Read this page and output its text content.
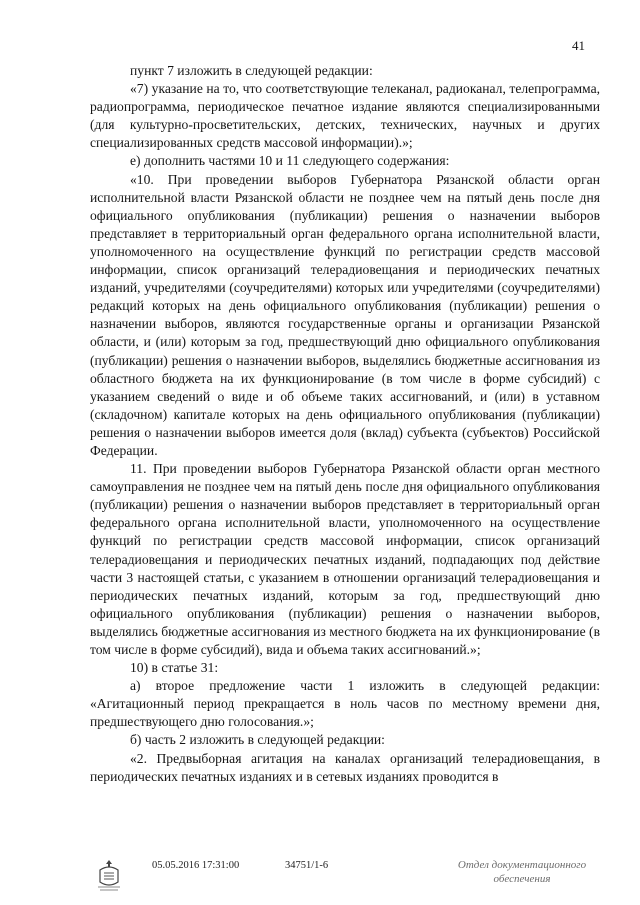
41

пункт 7 изложить в следующей редакции:

«7) указание на то, что соответствующие телеканал, радиоканал, телепрограмма, радиопрограмма, периодическое печатное издание являются специализированными (для культурно-просветительских, детских, технических, научных и других специализированных средств массовой информации).»;

е) дополнить частями 10 и 11 следующего содержания:

«10. При проведении выборов Губернатора Рязанской области орган исполнительной власти Рязанской области не позднее чем на пятый день после дня официального опубликования (публикации) решения о назначении выборов представляет в территориальный орган федерального органа исполнительной власти, уполномоченного на осуществление функций по регистрации средств массовой информации, список организаций телерадиовещания и периодических печатных изданий, учредителями (соучредителями) которых или учредителями (соучредителями) редакций которых на день официального опубликования (публикации) решения о назначении выборов, являются государственные органы и организации Рязанской области, и (или) которым за год, предшествующий дню официального опубликования (публикации) решения о назначении выборов, выделялись бюджетные ассигнования из областного бюджета на их функционирование (в том числе в форме субсидий) с указанием сведений о виде и об объеме таких ассигнований, и (или) в уставном (складочном) капитале которых на день официального опубликования (публикации) решения о назначении выборов имеется доля (вклад) субъекта (субъектов) Российской Федерации.

11. При проведении выборов Губернатора Рязанской области орган местного самоуправления не позднее чем на пятый день после дня официального опубликования (публикации) решения о назначении выборов представляет в территориальный орган федерального органа исполнительной власти, уполномоченного на осуществление функций по регистрации средств массовой информации, список организаций телерадиовещания и периодических печатных изданий, подпадающих под действие части 3 настоящей статьи, с указанием в отношении организаций телерадиовещания и периодических печатных изданий, которым за год, предшествующий дню официального опубликования (публикации) решения о назначении выборов, выделялись бюджетные ассигнования из местного бюджета на их функционирование (в том числе в форме субсидий), вида и объема таких ассигнований.»;

10) в статье 31:

а) второе предложение части 1 изложить в следующей редакции: «Агитационный период прекращается в ноль часов по местному времени дня, предшествующего дню голосования.»;

б) часть 2 изложить в следующей редакции:

«2. Предвыборная агитация на каналах организаций телерадиовещания, в периодических печатных изданиях и в сетевых изданиях проводится в

05.05.2016 17:31:00	34751/1-6	Отдел документационного
обеспечения
